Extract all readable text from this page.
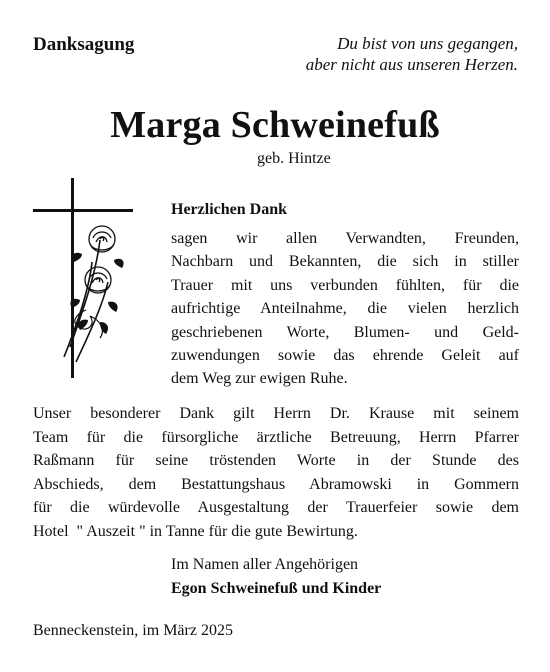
Danksagung	Du bist von uns gegangen,
aber nicht aus unseren Herzen.
Marga Schweinefuß
geb. Hintze
Herzlichen Dank
sagen wir allen Verwandten, Freunden,
Nachbarn und Bekannten, die sich in stiller
Trauer mit uns verbunden fühlten, für die
aufrichtige Anteilnahme, die vielen herzlich
geschriebenen Worte, Blumen- und Geld-
zuwendungen sowie das ehrende Geleit auf
dem Weg zur ewigen Ruhe.
Unser besonderer Dank gilt Herrn Dr. Krause mit seinem
Team für die fürsorgliche ärztliche Betreuung, Herrn Pfarrer
Raßmann für seine tröstenden Worte in der Stunde des
Abschieds, dem Bestattungshaus Abramowski in Gommern
für die würdevolle Ausgestaltung der Trauerfeier sowie dem
Hotel  " Auszeit " in Tanne für die gute Bewirtung.
Im Namen aller Angehörigen
Egon Schweinefuß und Kinder
Benneckenstein, im März 2025
